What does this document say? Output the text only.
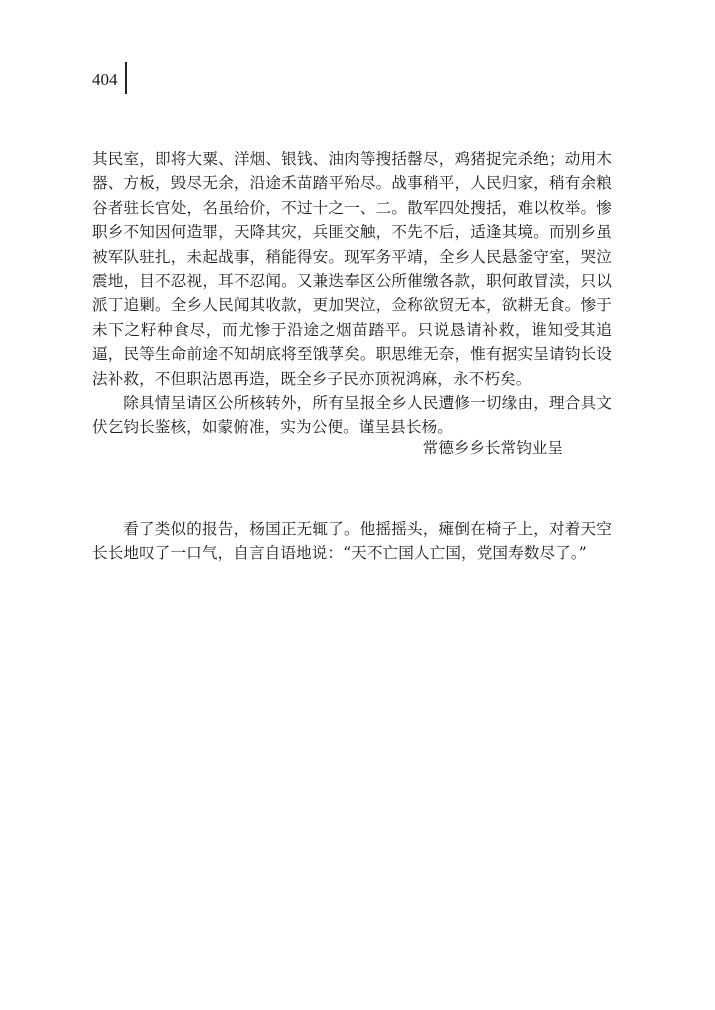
404

其民室，即将大粟、洋烟、银钱、油肉等搜括罄尽，鸡猪捉完杀绝；动用木器、方板，毁尽无余，沿途禾苗踏平殆尽。战事稍平，人民归家，稍有余粮谷者驻长官处，名虽给价，不过十之一、二。散军四处搜括，难以枚举。惨职乡不知因何造罪，天降其灾，兵匪交触，不先不后，适逢其境。而别乡虽被军队驻扎，未起战事，稍能得安。现军务平靖，全乡人民悬釜守室，哭泣震地，目不忍视，耳不忍闻。又兼迭奉区公所催缴各款，职何敢冒渎，只以派丁追剿。全乡人民闻其收款，更加哭泣，佥称欲贸无本，欲耕无食。惨于未下之籽种食尽，而尤惨于沿途之烟苗踏平。只说恳请补救，谁知受其追逼，民等生命前途不知胡底将至饿莩矣。职思维无奈，惟有据实呈请钧长设法补救，不但职沾恩再造，既全乡子民亦顶祝鸿麻，永不朽矣。

除具情呈请区公所核转外，所有呈报全乡人民遭修一切缘由，理合具文伏乞钧长鉴核，如蒙俯准，实为公便。谨呈县长杨。

常德乡乡长常钧业呈

看了类似的报告，杨国正无辄了。他摇摇头，瘫倒在椅子上，对着天空长长地叹了一口气，自言自语地说：“天不亡国人亡国，党国寿数尽了。”
